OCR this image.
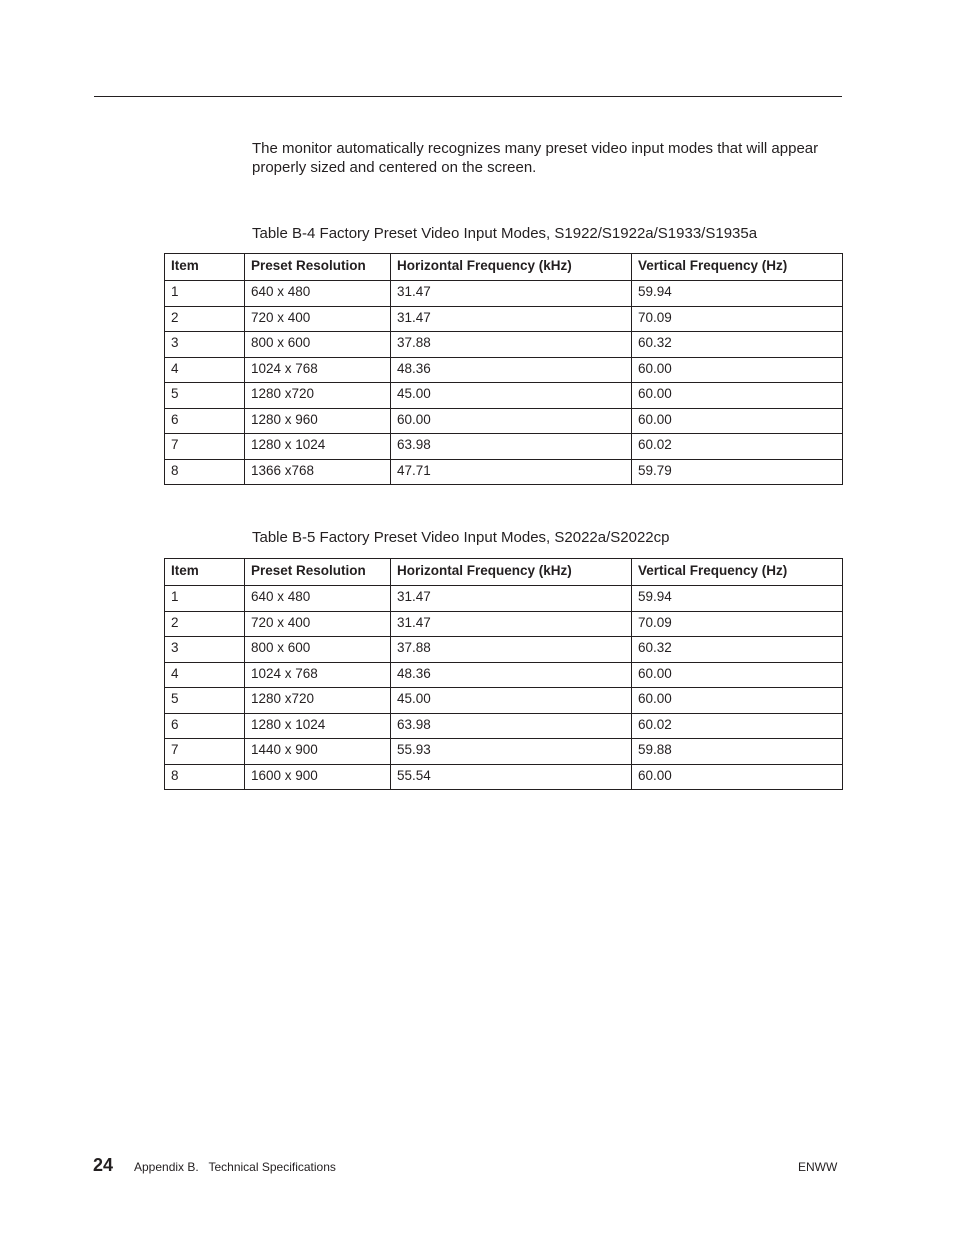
The monitor automatically recognizes many preset video input modes that will appear properly sized and centered on the screen.

Table B-4 Factory Preset Video Input Modes, S1922/S1922a/S1933/S1935a

Item	Preset Resolution	Horizontal Frequency (kHz)	Vertical Frequency (Hz)
1	640 x 480	31.47	59.94
2	720 x 400	31.47	70.09
3	800 x 600	37.88	60.32
4	1024 x 768	48.36	60.00
5	1280 x720	45.00	60.00
6	1280 x 960	60.00	60.00
7	1280 x 1024	63.98	60.02
8	1366 x768	47.71	59.79

Table B-5 Factory Preset Video Input Modes, S2022a/S2022cp

Item	Preset Resolution	Horizontal Frequency (kHz)	Vertical Frequency (Hz)
1	640 x 480	31.47	59.94
2	720 x 400	31.47	70.09
3	800 x 600	37.88	60.32
4	1024 x 768	48.36	60.00
5	1280 x720	45.00	60.00
6	1280 x 1024	63.98	60.02
7	1440 x 900	55.93	59.88
8	1600 x 900	55.54	60.00
24 Appendix B.   Technical Specifications	ENWW
